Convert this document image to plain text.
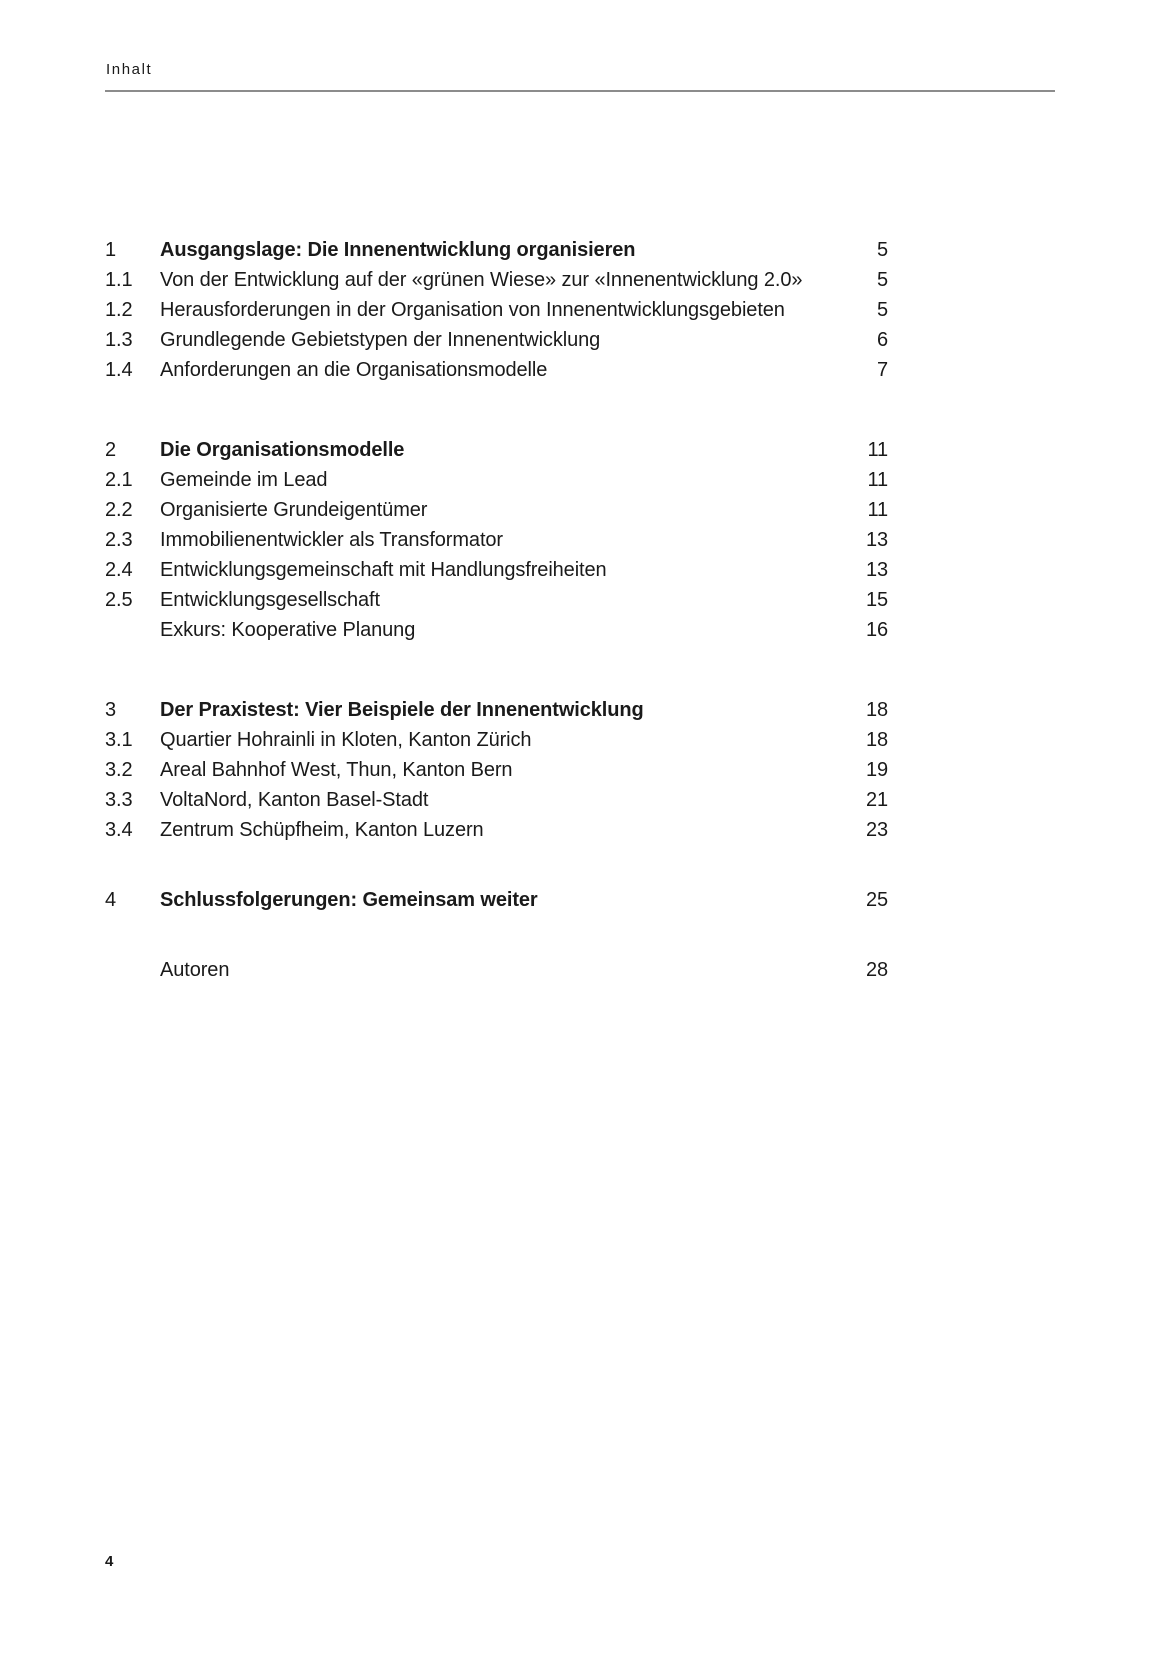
Inhalt
1	Ausgangslage: Die Innenentwicklung organisieren	5
1.1	Von der Entwicklung auf der «grünen Wiese» zur «Innenentwicklung 2.0»	5
1.2	Herausforderungen in der Organisation von Innenentwicklungsgebieten	5
1.3	Grundlegende Gebietstypen der Innenentwicklung	6
1.4	Anforderungen an die Organisationsmodelle	7
2	Die Organisationsmodelle	11
2.1	Gemeinde im Lead	11
2.2	Organisierte Grundeigentümer	11
2.3	Immobilienentwickler als Transformator	13
2.4	Entwicklungsgemeinschaft mit Handlungsfreiheiten	13
2.5	Entwicklungsgesellschaft	15
Exkurs: Kooperative Planung	16
3	Der Praxistest: Vier Beispiele der Innenentwicklung	18
3.1	Quartier Hohrainli in Kloten, Kanton Zürich	18
3.2	Areal Bahnhof West, Thun, Kanton Bern	19
3.3	VoltaNord, Kanton Basel-Stadt	21
3.4	Zentrum Schüpfheim, Kanton Luzern	23
4	Schlussfolgerungen: Gemeinsam weiter	25
Autoren	28
4
